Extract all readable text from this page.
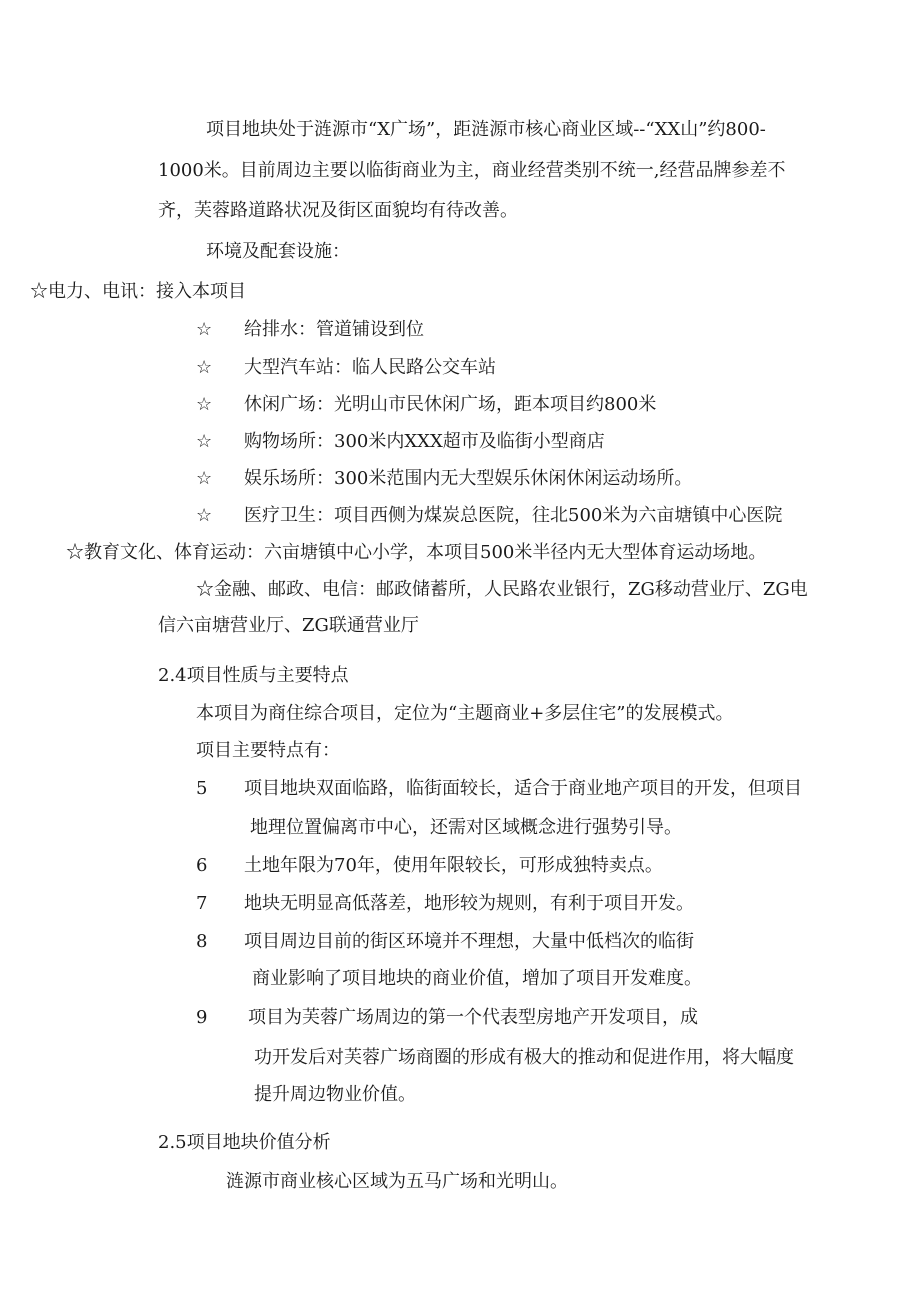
项目地块处于涟源市“X广场”，距涟源市核心商业区域--“XX山”约800-
1000米。目前周边主要以临街商业为主，商业经营类别不统一,经营品牌参差不
齐，芙蓉路道路状况及街区面貌均有待改善。
环境及配套设施：
☆电力、电讯：接入本项目
☆ 给排水：管道铺设到位
☆ 大型汽车站：临人民路公交车站
☆ 休闲广场：光明山市民休闲广场，距本项目约800米
☆ 购物场所：300米内XXX超市及临街小型商店
☆ 娱乐场所：300米范围内无大型娱乐休闲休闲运动场所。
☆ 医疗卫生：项目西侧为煤炭总医院，往北500米为六亩塘镇中心医院
☆教育文化、体育运动：六亩塘镇中心小学，本项目500米半径内无大型体育运动场地。
☆金融、邮政、电信：邮政储蓄所，人民路农业银行，ZG移动营业厅、ZG电
信六亩塘营业厅、ZG联通营业厅
2.4项目性质与主要特点
本项目为商住综合项目，定位为“主题商业+多层住宅”的发展模式。
项目主要特点有：
5 项目地块双面临路，临街面较长，适合于商业地产项目的开发，但项目
地理位置偏离市中心，还需对区域概念进行强势引导。
6 土地年限为70年，使用年限较长，可形成独特卖点。
7 地块无明显高低落差，地形较为规则，有利于项目开发。
8 项目周边目前的街区环境并不理想，大量中低档次的临街
商业影响了项目地块的商业价值，增加了项目开发难度。
9 项目为芙蓉广场周边的第一个代表型房地产开发项目，成
功开发后对芙蓉广场商圈的形成有极大的推动和促进作用，将大幅度
提升周边物业价值。
2.5项目地块价值分析
涟源市商业核心区域为五马广场和光明山。
